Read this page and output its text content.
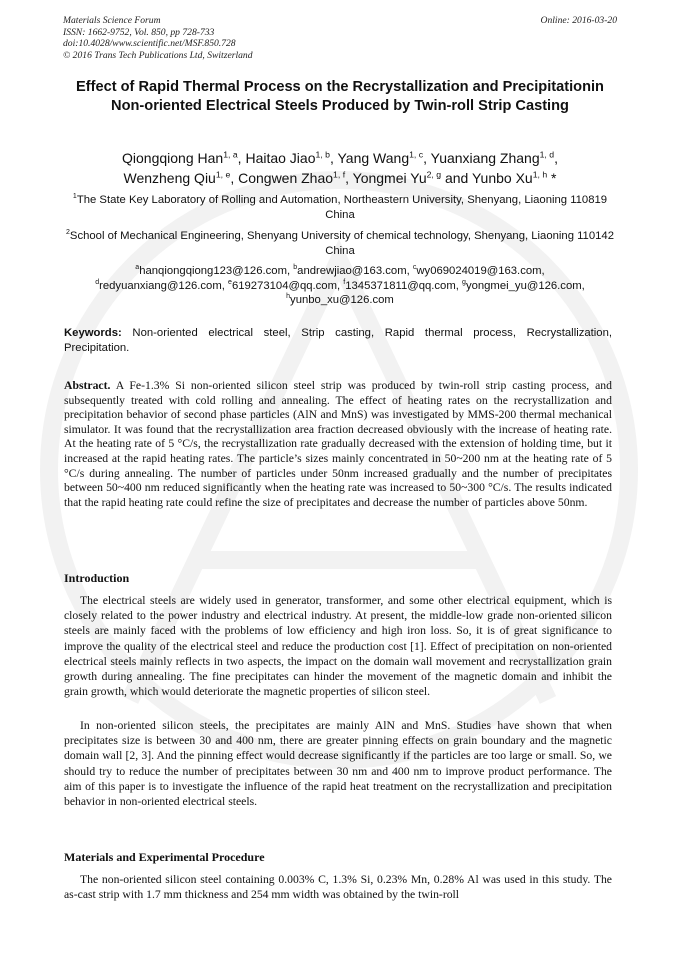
Materials Science Forum
ISSN: 1662-9752, Vol. 850, pp 728-733
doi:10.4028/www.scientific.net/MSF.850.728
© 2016 Trans Tech Publications Ltd, Switzerland
Online: 2016-03-20
Effect of Rapid Thermal Process on the Recrystallization and Precipitationin Non-oriented Electrical Steels Produced by Twin-roll Strip Casting
Qiongqiong Han$^{1, a}$, Haitao Jiao$^{1, b}$, Yang Wang$^{1, c}$, Yuanxiang Zhang$^{1, d}$,
Wenzheng Qiu$^{1, e}$, Congwen Zhao$^{1, f}$, Yongmei Yu$^{2, g}$ and Yunbo Xu$^{1, h}$ *
$^1$The State Key Laboratory of Rolling and Automation, Northeastern University, Shenyang, Liaoning 110819 China
$^2$School of Mechanical Engineering, Shenyang University of chemical technology, Shenyang, Liaoning 110142 China
$^a$hanqiongqiong123@126.com, $^b$andrewjiao@163.com, $^c$wy069024019@163.com,
$^d$redyuanxiang@126.com, $^e$619273104@qq.com, $^f$1345371811@qq.com, $^g$yongmei_yu@126.com,
$^h$yunbo_xu@126.com
Keywords: Non-oriented electrical steel, Strip casting, Rapid thermal process, Recrystallization, Precipitation.
Abstract. A Fe-1.3% Si non-oriented silicon steel strip was produced by twin-roll strip casting process, and subsequently treated with cold rolling and annealing. The effect of heating rates on the recrystallization and precipitation behavior of second phase particles (AlN and MnS) was investigated by MMS-200 thermal mechanical simulator. It was found that the recrystallization area fraction decreased obviously with the increase of heating rate. At the heating rate of 5 °C/s, the recrystallization rate gradually decreased with the extension of holding time, but it increased at the rapid heating rates. The particle’s sizes mainly concentrated in 50~200 nm at the heating rate of 5 °C/s during annealing. The number of particles under 50nm increased gradually and the number of precipitates between 50~400 nm reduced significantly when the heating rate was increased to 50~300 °C/s. The results indicated that the rapid heating rate could refine the size of precipitates and decrease the number of particles above 50nm.
Introduction
The electrical steels are widely used in generator, transformer, and some other electrical equipment, which is closely related to the power industry and electrical industry. At present, the middle-low grade non-oriented silicon steels are mainly faced with the problems of low efficiency and high iron loss. So, it is of great significance to improve the quality of the electrical steel and reduce the production cost [1]. Effect of precipitation on non-oriented electrical steels mainly reflects in two aspects, the impact on the domain wall movement and recrystallization grain growth during annealing. The fine precipitates can hinder the movement of the magnetic domain and inhibit the grain growth, which would deteriorate the magnetic properties of silicon steel.
In non-oriented silicon steels, the precipitates are mainly AlN and MnS. Studies have shown that when precipitates size is between 30 and 400 nm, there are greater pinning effects on grain boundary and the magnetic domain wall [2, 3]. And the pinning effect would decrease significantly if the particles are too large or small. So, we should try to reduce the number of precipitates between 30 nm and 400 nm to improve product performance. The aim of this paper is to investigate the influence of the rapid heat treatment on the recrystallization and precipitation behavior in non-oriented electrical steels.
Materials and Experimental Procedure
The non-oriented silicon steel containing 0.003% C, 1.3% Si, 0.23% Mn, 0.28% Al was used in this study. The as-cast strip with 1.7 mm thickness and 254 mm width was obtained by the twin-roll
